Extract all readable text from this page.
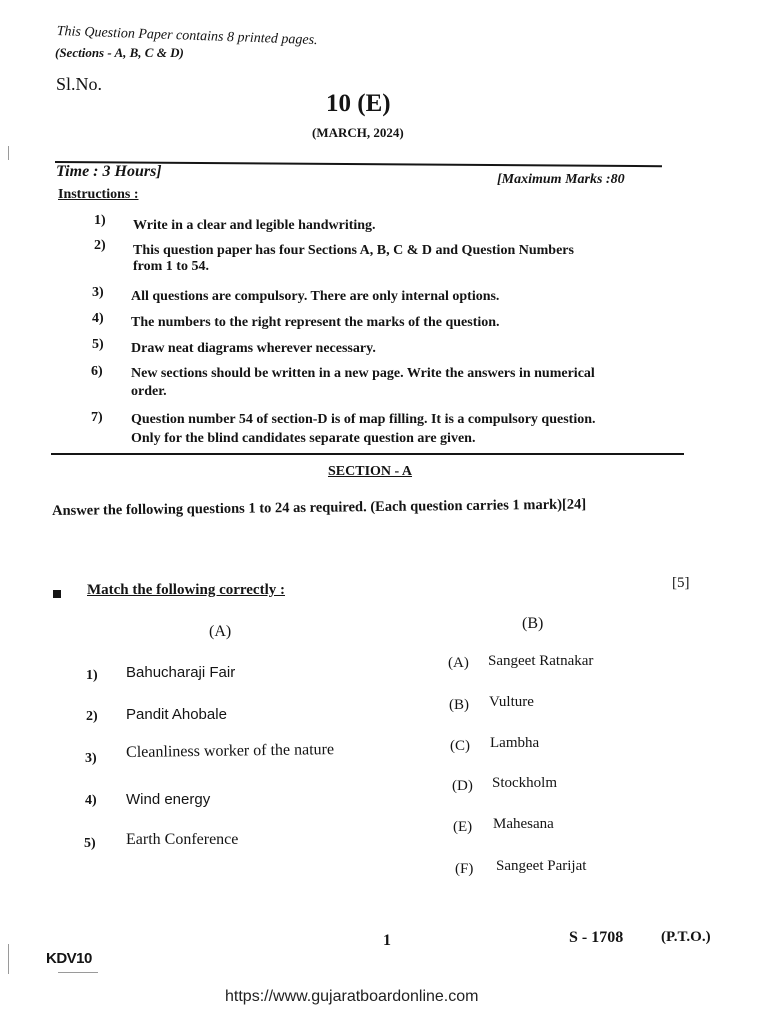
This Question Paper contains 8 printed pages.
(Sections - A, B, C & D)
Sl.No.
10 (E)
(MARCH, 2024)
Time : 3 Hours]	[Maximum Marks :80
Instructions :
1) Write in a clear and legible handwriting.
2) This question paper has four Sections A, B, C & D and Question Numbers
from 1 to 54.
3) All questions are compulsory. There are only internal options.
4) The numbers to the right represent the marks of the question.
5) Draw neat diagrams wherever necessary.
6) New sections should be written in a new page. Write the answers in numerical
order.
7) Question number 54 of section-D is of map filling. It is a compulsory question.
Only for the blind candidates separate question are given.
SECTION - A
Answer the following questions 1 to 24 as required. (Each question carries 1 mark)[24]
Match the following correctly :	[5]
(A)	(B)
1) Bahucharaji Fair
2) Pandit Ahobale
3) Cleanliness worker of the nature
4) Wind energy
5) Earth Conference
(A) Sangeet Ratnakar
(B) Vulture
(C) Lambha
(D) Stockholm
(E) Mahesana
(F) Sangeet Parijat
1	S - 1708	(P.T.O.)
KDV10
https://www.gujaratboardonline.com
